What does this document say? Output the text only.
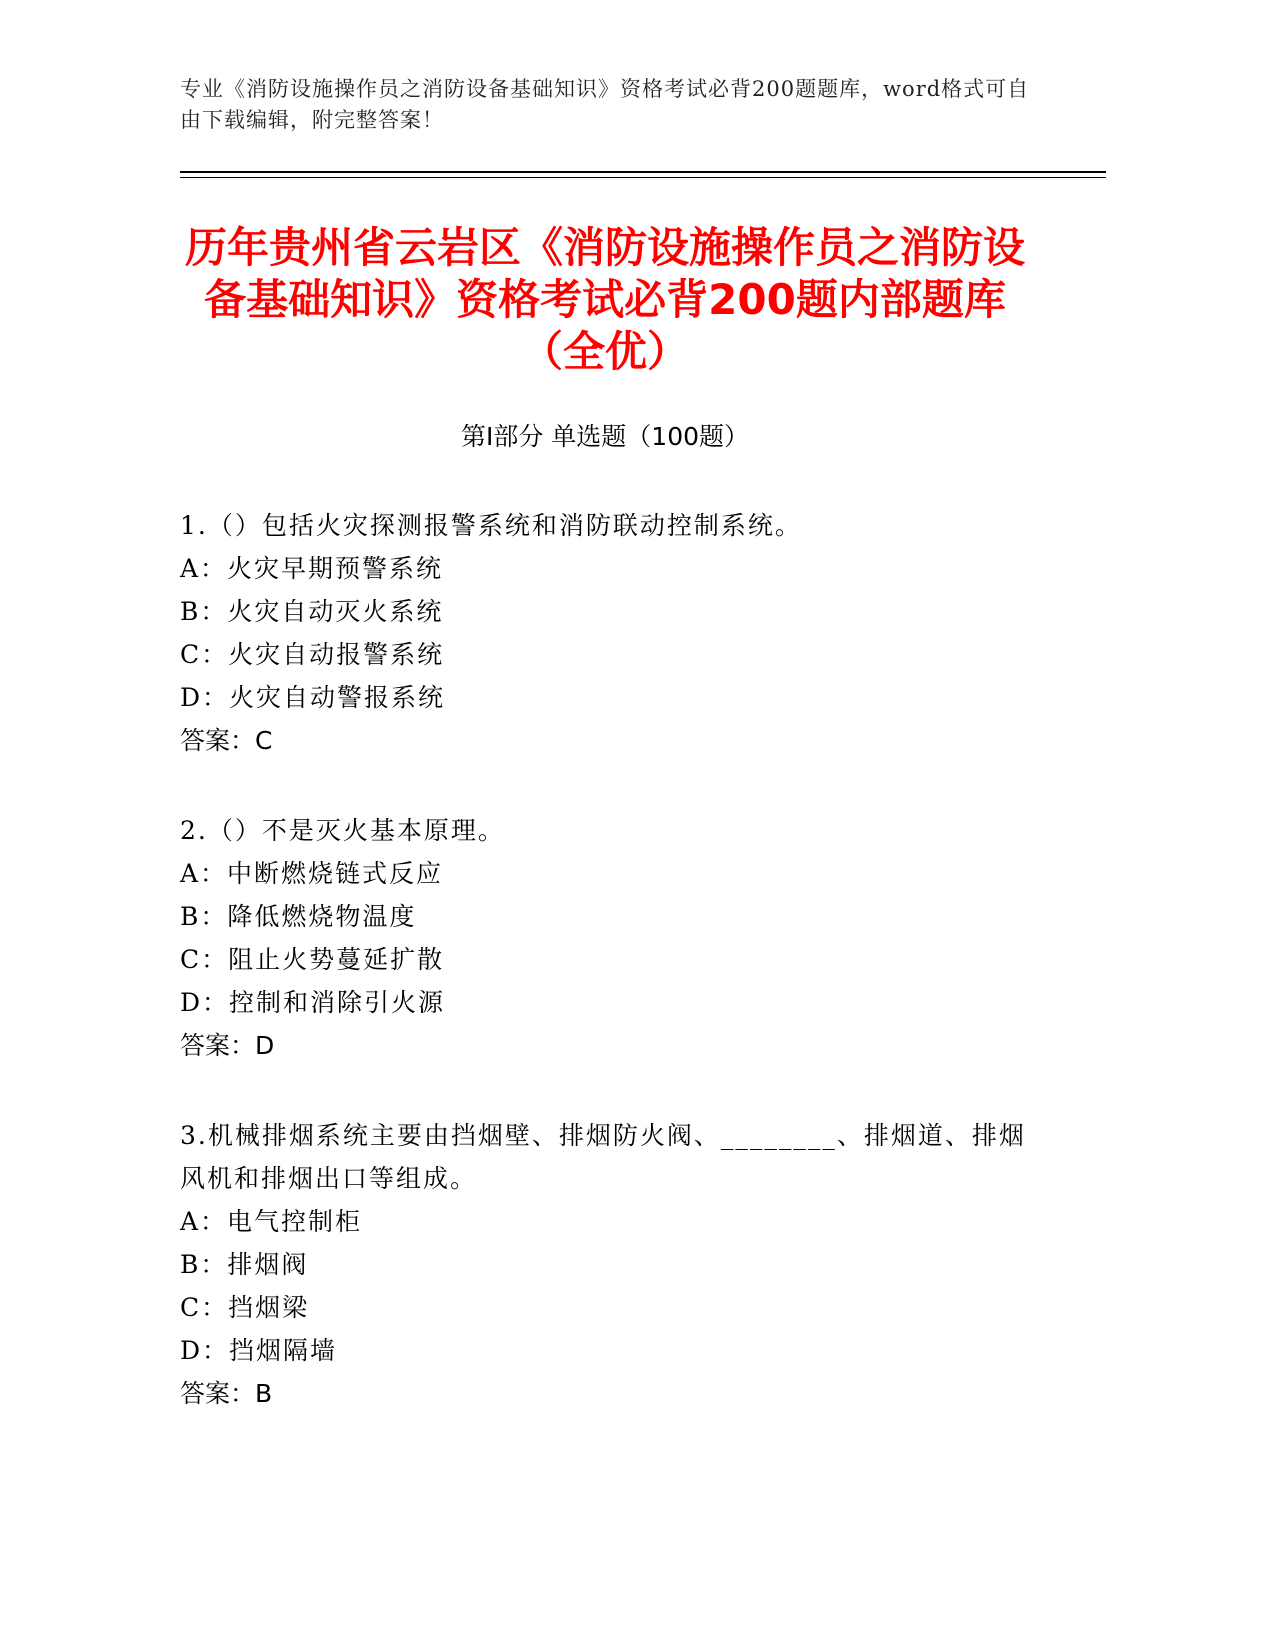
专业《消防设施操作员之消防设备基础知识》资格考试必背200题题库，word格式可自由下载编辑，附完整答案！
历年贵州省云岩区《消防设施操作员之消防设备基础知识》资格考试必背200题内部题库（全优）
第I部分 单选题（100题）
1.（）包括火灾探测报警系统和消防联动控制系统。
A：火灾早期预警系统
B：火灾自动灭火系统
C：火灾自动报警系统
D：火灾自动警报系统
答案：C
2.（）不是灭火基本原理。
A：中断燃烧链式反应
B：降低燃烧物温度
C：阻止火势蔓延扩散
D：控制和消除引火源
答案：D
3.机械排烟系统主要由挡烟壁、排烟防火阀、________、排烟道、排烟风机和排烟出口等组成。
A：电气控制柜
B：排烟阀
C：挡烟梁
D：挡烟隔墙
答案：B
